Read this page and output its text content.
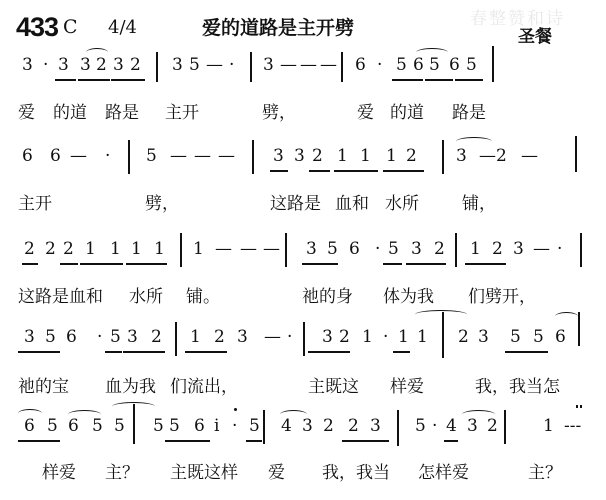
春整赞和诗
433 C 4/4	爱的道路是主开劈	圣餐
3 · 3 3 2 3 2 3 5 — · 3 — — — 6 · 5 6 5 6 5
爱 的道 路是 主开	劈，	爱 的道 路是
6 6 — · 5 — — — 3 3 2 1 1 1 2 3 — 2 —
主开	劈，	这路是 血和 水所	铺，
2 2 2 1 1 1 1 1 — — — 3 5 6 · 5 3 2 1 2 3 — ·
这路是血和 水所 铺。	祂的身 体为我 们劈开，
3 5 6 · 5 3 2 1 2 3 — · 3 2 1 · 1 1 2 3 5 5 6
祂的宝 血为我 们流出，	主既这 样爱	我，我当怎
6 5 6 5 5 5 5 6 i · 5 4 3 2 2 3 5 · 4 3 2	1 ---
样爱 主？ 主既这样 爱 我，我当 怎样爱	主？
